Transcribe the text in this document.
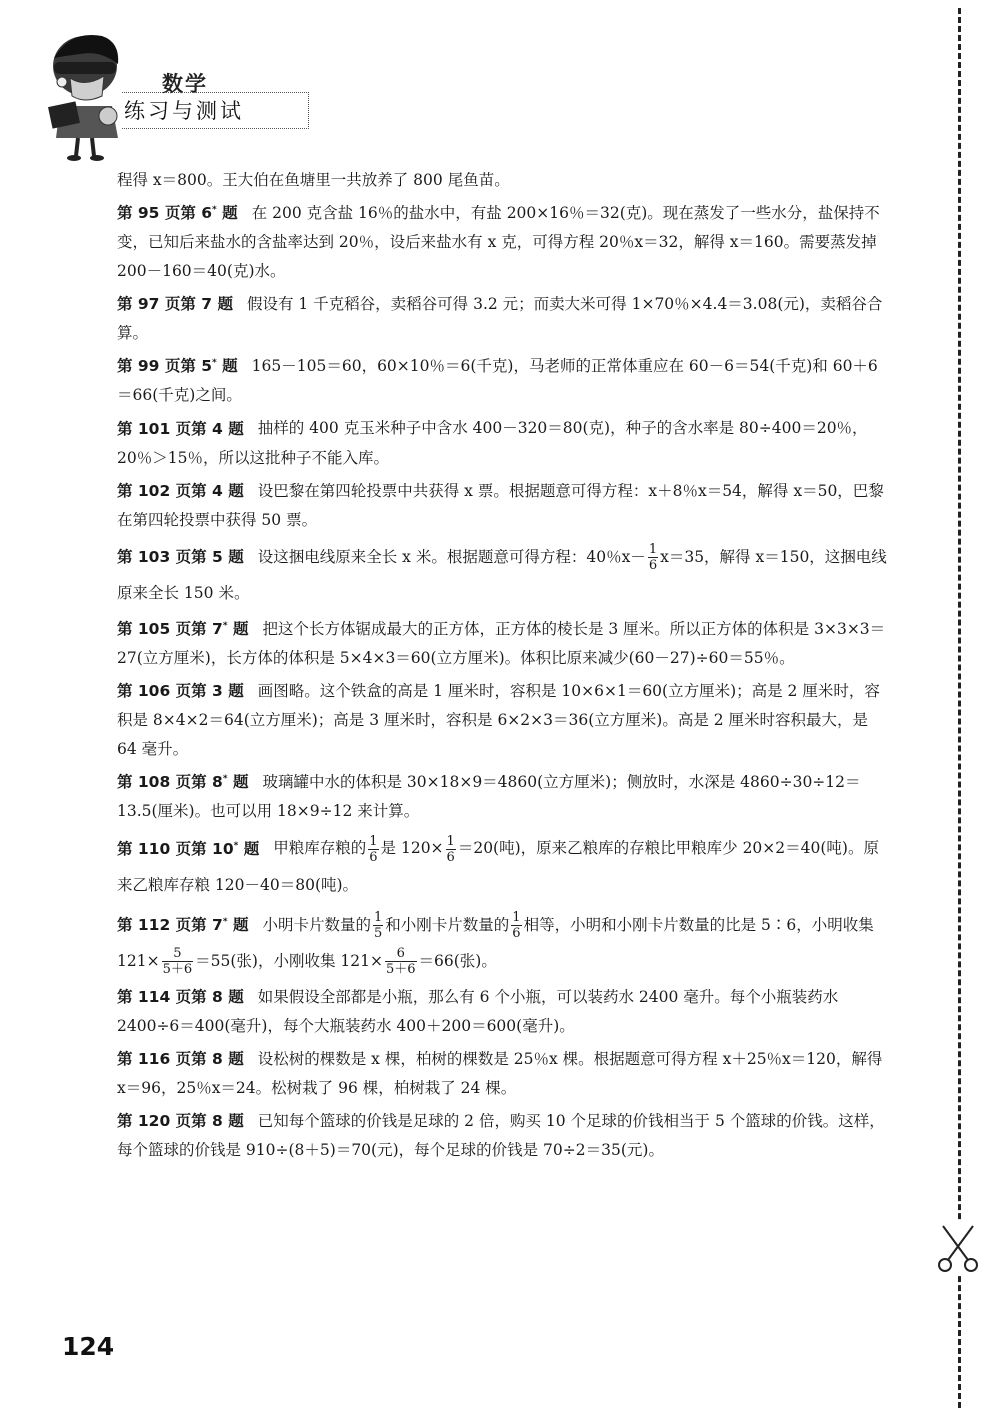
数学
练习与测试
程得 x＝800。王大伯在鱼塘里一共放养了 800 尾鱼苗。
第 95 页第 6* 题 在 200 克含盐 16％的盐水中，有盐 200×16％＝32(克)。现在蒸发了一些水分，盐保持不变，已知后来盐水的含盐率达到 20％，设后来盐水有 x 克，可得方程 20％x＝32，解得 x＝160。需要蒸发掉 200－160＝40(克)水。
第 97 页第 7 题 假设有 1 千克稻谷，卖稻谷可得 3.2 元；而卖大米可得 1×70％×4.4＝3.08(元)，卖稻谷合算。
第 99 页第 5* 题 165－105＝60，60×10％＝6(千克)，马老师的正常体重应在 60－6＝54(千克)和 60＋6＝66(千克)之间。
第 101 页第 4 题 抽样的 400 克玉米种子中含水 400－320＝80(克)，种子的含水率是 80÷400＝20％，20％＞15％，所以这批种子不能入库。
第 102 页第 4 题 设巴黎在第四轮投票中共获得 x 票。根据题意可得方程：x＋8％x＝54，解得 x＝50，巴黎在第四轮投票中获得 50 票。
第 103 页第 5 题 设这捆电线原来全长 x 米。根据题意可得方程：40％$x- \frac{1}{6} x=35$，解得 x＝150，这捆电线原来全长 150 米。
第 105 页第 7* 题 把这个长方体锯成最大的正方体，正方体的棱长是 3 厘米。所以正方体的体积是 3×3×3＝27(立方厘米)，长方体的体积是 5×4×3＝60(立方厘米)。体积比原来减少(60－27)÷60＝55％。
第 106 页第 3 题 画图略。这个铁盒的高是 1 厘米时，容积是 10×6×1＝60(立方厘米)；高是 2 厘米时，容积是 8×4×2＝64(立方厘米)；高是 3 厘米时，容积是 6×2×3＝36(立方厘米)。高是 2 厘米时容积最大，是 64 毫升。
第 108 页第 8* 题 玻璃罐中水的体积是 30×18×9＝4860(立方厘米)；侧放时，水深是 4860÷30÷12＝13.5(厘米)。也可以用 18×9÷12 来计算。
第 110 页第 10* 题 甲粮库存粮的 $\frac{1}{6}$ 是 $120\times \frac{1}{6} =20$(吨)，原来乙粮库的存粮比甲粮库少 20×2＝40(吨)。原来乙粮库存粮 120－40＝80(吨)。
第 112 页第 7* 题 小明卡片数量的 $\frac{1}{5}$ 和小刚卡片数量的 $\frac{1}{6}$ 相等，小明和小刚卡片数量的比是 5∶6，小明收集 $121\times \frac{5}{5+6} =55$(张)，小刚收集 $121\times \frac{6}{5+6} =66$(张)。
第 114 页第 8 题 如果假设全部都是小瓶，那么有 6 个小瓶，可以装药水 2400 毫升。每个小瓶装药水 2400÷6＝400(毫升)，每个大瓶装药水 400＋200＝600(毫升)。
第 116 页第 8 题 设松树的棵数是 x 棵，柏树的棵数是 25％x 棵。根据题意可得方程 x＋25％x＝120，解得 x＝96，25％x＝24。松树栽了 96 棵，柏树栽了 24 棵。
第 120 页第 8 题 已知每个篮球的价钱是足球的 2 倍，购买 10 个足球的价钱相当于 5 个篮球的价钱。这样，每个篮球的价钱是 910÷(8＋5)＝70(元)，每个足球的价钱是 70÷2＝35(元)。
124
